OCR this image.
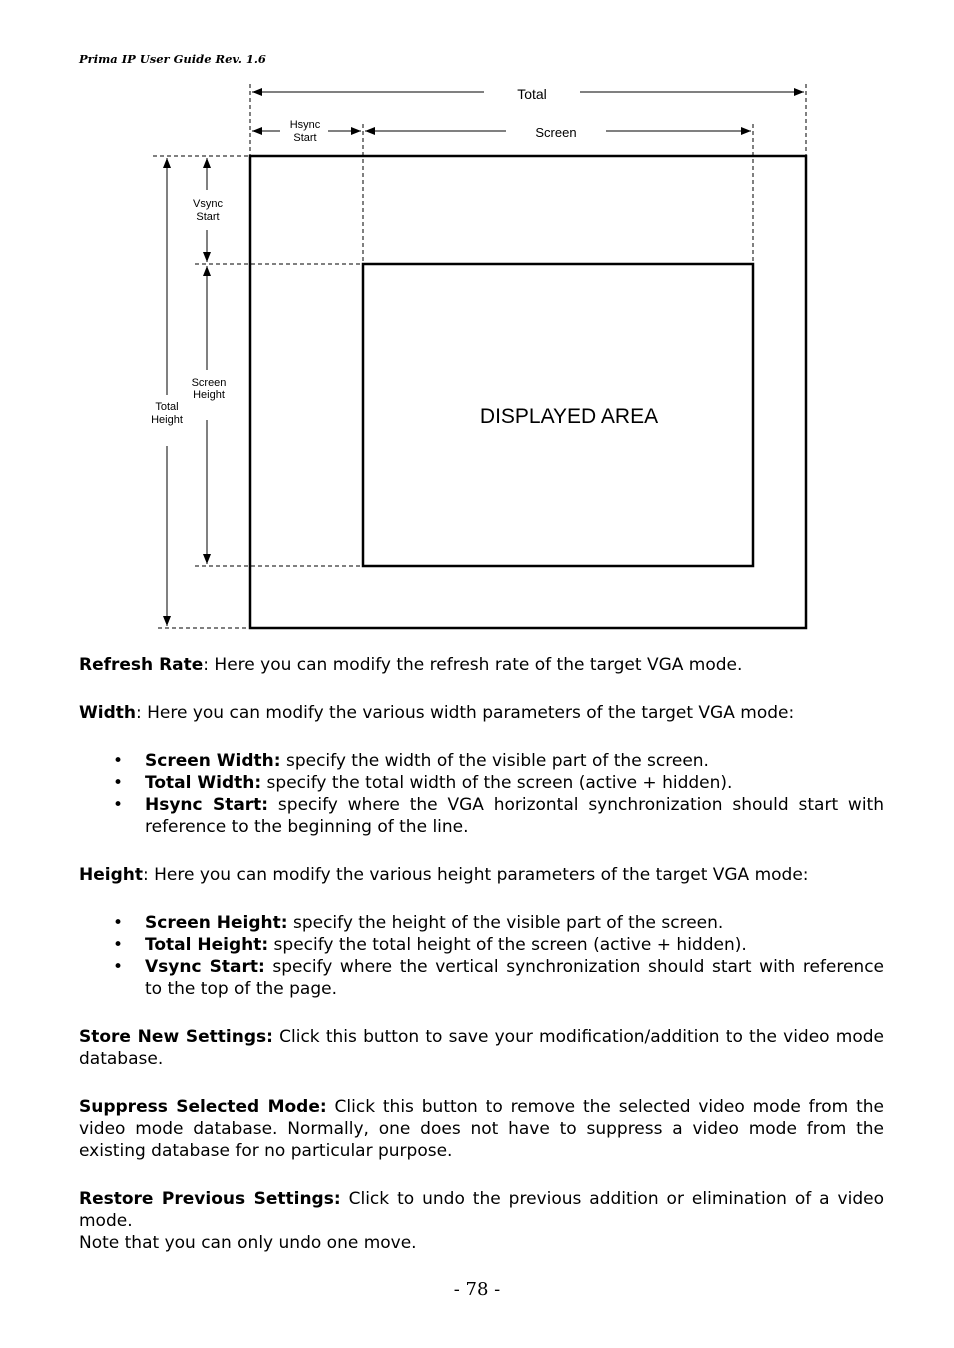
Prima IP User Guide Rev. 1.6
Total
Hsync
Start	Screen
Vsync
Start
Screen
Height
Total
Height	DISPLAYED AREA

Refresh Rate: Here you can modify the refresh rate of the target VGA mode.

Width: Here you can modify the various width parameters of the target VGA mode:

• Screen Width: specify the width of the visible part of the screen.
• Total Width: specify the total width of the screen (active + hidden).
• Hsync Start: specify where the VGA horizontal synchronization should start with reference to the beginning of the line.

Height: Here you can modify the various height parameters of the target VGA mode:

• Screen Height: specify the height of the visible part of the screen.
• Total Height: specify the total height of the screen (active + hidden).
• Vsync Start: specify where the vertical synchronization should start with reference to the top of the page.

Store New Settings: Click this button to save your modification/addition to the video mode database.

Suppress Selected Mode: Click this button to remove the selected video mode from the video mode database. Normally, one does not have to suppress a video mode from the existing database for no particular purpose.

Restore Previous Settings: Click to undo the previous addition or elimination of a video mode.

Note that you can only undo one move.

- 78 -
